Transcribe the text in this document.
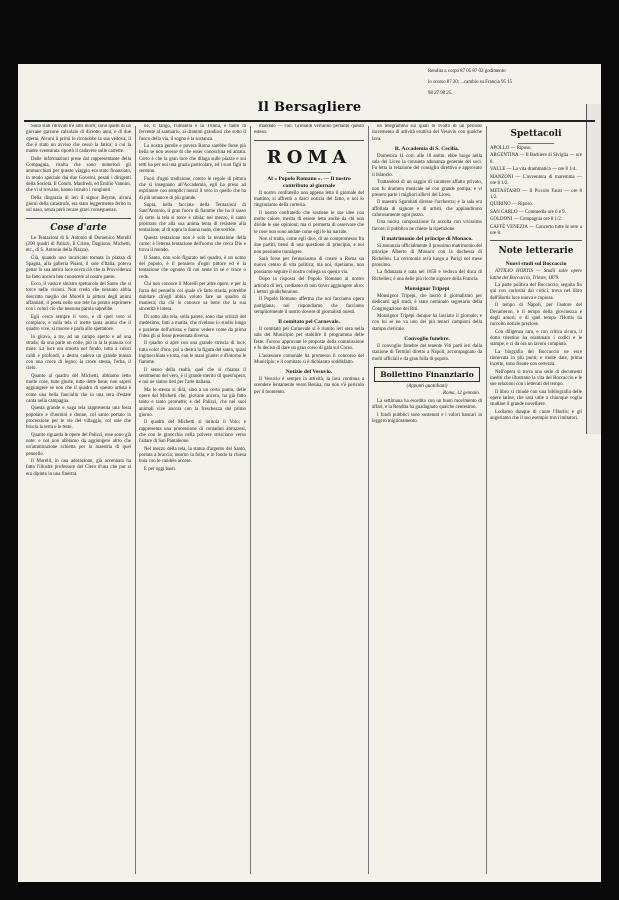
Rendita a corpo 87 05 87 02 godimento

lo scorso 87 20; ...cambio su Francia 95 15

98 27 98 25.

Il Bersagliere

Sono stati ritrovati tre altri morti; sono quelli di un giovane garzone calzolaio di diciotto anni, e di due operai. Alcuni li primi le riconobbe la sua vedova; il che è stato un avviso che cessò la fatica; a cui la madre sventurata riportò il cadavere sulle carrette.

Dalle informazioni prese dal rappresentante della Compagnia, risulta che sono numerosi gli ammucchiati per questo viaggio era stato finanziato, in modo speciale dai due Governi, pesati i dirigenti della Società. Il Comm. Manfredi, ed Emilio Vannini, che vi si trovano, hanno istruito i congiunti.

Della disgrazia di ieri il signor Beyme, alcuni giorni della catastrofe, era stato leggermente ferito in sul naso, senza però recare gravi conseguenze.

Cose d'arte

Le Tentazioni di S. Antonio di Domenico Morelli (290 quadri di Palizzi, Il Cristo, Dagliono, Michetti, etc., di S. Antonio della Piazza).

Già, quando uno incaricato tornata in piazza di Spagna, alla galleria Pisani, il sole d'Italia, poteva gettar lo sua antica luce sovra ciò che la Provvidenza ha fatto ancora ben conoscere al nostro paese.

Ecco, il vasto e sinistro spettacolo del Santo che si torce nelle visioni. Non credo che nessuno abbia descritto meglio del Morelli la pittura degli animi affannati; il poeta nelle sue tele ha potuto esprimere con i colori ciò che nessuna parola saprebbe.

Egli cerca sempre il vero, e di quel vero si compiace, e sulla tela ci mette tanta anima che il quadro vive, si muove e parla allo spettatore.

Io giravo, a tre, ad un campo aperto e ad una strada; da una parte un colle, più in là la pianura col mare. La luce era smorta nel fondo, tutta a colori caldi e profondi, a destra cadeva un grande masso con una croce di legno; la croce stessa, l'erba, il cielo.

Quanto al quadro del Michetti, abbiamo letto molte cose, tutte giuste, tutte dette bene; non saprei aggiungere se non che il quadro di questo artista è come una bella fanciulla che in una sera d'estate canta nella campagna.

Questa grande e vaga tela rappresenta una festa popolare e d'uomini e donne, col santo portato in processione per le vie del villaggio, col sole che brucia la terra e le teste.

Quanto riguarda le opere del Palizzi, esse sono già note: e noi non abbiamo da aggiungere altro che un'ammirazione schietta per la maestria di quel pennello.

Il Morelli, in una adorazione, già accennata ha fatto l'illustre professore del Clero d'una che pur si era dipinto in una finestra.

ne, il fango, l'umanità e la Trinità, e tanto di fervente al santuario, ai drammi grandiosi che sotto il fuoco della via, il sogno è la sostanza.

La nostra gentile e povera Roma sarebbe forse più bella se non avesse di che esser conosciuta ed amata. Certo è che la gran luce che dilaga sulle piazze e sui tetti ha per noi una grazia particolare, ed i suoi figli la sentono.

Fuori d'ogni tradizione, contro le regole di pittura che si insegnano all'Accademia, egli ha preso ad esprimere con semplici mezzi il vero in quello che ha di più umano e di più grande.

Sopra, nella facciata della Tentazioni di Sant'Antonio, il gran fuoco di fiamme che ha il sasso di sotto la tela si torce e sibila; nel mezzo, il santo prostrato che alla sua anima tenta di resistere alla tentazione; al di sopra la donna nuda, che sorride.

Questa tentazione non è solo la tentazione della carne: è l'eterna tentazione dell'uomo che cerca Dio e trova il mondo.

Il Santo, non solo figurato nel quadro, è un uomo del popolo, è il pensiero d'ogni pittore ed è la tentazione che ognuno di noi sente in sé e vince o cede.

Chi non conosce il Morelli per altre opere, e per la forza del pennello col quale s'è fatto strada, potrebbe dubitare ch'egli abbia voluto fare un quadro di maniera; ma chi lo conosce sa bene che la sua sincerità è intera.

Di sotto alla tela, sulla parete, sono due schizzi del medesimo, fatti a matita, che rivelano lo studio lungo e paziente dell'artista; e fanno vedere come da prima l'idea gli si fosse presentata diversa.

Il quadro si apre con una grande striscia di luce, tutta color d'oro; poi a destra la figura del santo, quasi inginocchiata e torta, con le mani giunte: e d'intorno le fiamme.

Il senso della realtà, quel che si chiama il sentimento del vero, è il grande merito di quest'opera; e noi ne siamo lieti per l'arte italiana.

Ma lo stesso si dirà, sino a un certo punto, delle opere del Michetti che, giovane ancora, ha già fatto tanto e tanto promette; e del Palizzi, che nei suoi animali vive ancora con la freschezza del primo giorno.

Il quadro del Michetti si intitola il Voto; e rappresenta una processione di contadini abruzzesi, che con le ginocchia nella polvere strisciano verso l'altare di San Pantaleone.

Nel mezzo della tela, la statua d'argento del Santo, portata a braccia; intorno la folla; e in fondo la chiesa buia con le candele accese.

E per oggi basti.

mandato — l'on. Grimaldi verranno pertanto questo esteso.

ROMA
Al « Popolo Romano ». — Il nostro contributo al giornale

Il nostro confratello non appena letto il giornale del mattino, si affrettò a darci notizia del fatto, e noi lo ringraziamo della cortesia.

Il nostro confratello che sostiene le sue idee con molto calore, merita di essere letto anche da chi non divide le sue opinioni; ma ci permetta di osservare che le cose non sono andate come egli le ha narrate.

Non si tratta, come egli dice, di un compromesso fra due partiti, bensì di una questione di principio, e noi non possiamo transigere.

Sarà forse per l'entusiasmo di creare a Roma un nuovo centro di vita politica; ma noi, ripetiamo, non possiamo seguire il nostro collega su questa via.

Dopo la risposta del Popolo Romano al nostro articolo di ieri, crediamo di non dover aggiungere altro: i lettori giudicheranno.

Il Popolo Romano afferma che noi facciamo opera partigiana; noi rispondiamo che facciamo semplicemente il nostro dovere di giornalisti onesti.

Il comitato pel Carnevale.

Il comitato pel Carnevale si è riunito ieri sera nella sala del Municipio per stabilire il programma delle feste. Furono approvate le proposte della commissione e fu deciso di dare un gran corso di gala sul Corso.

L'assessore comunale ha promesso il concorso del Municipio; e il comitato si è dichiarato soddisfatto.

Notizie del Vesuvio.

Il Vesuvio è sempre in attività; la lava continua a scendere lentamente verso Resina, ma non v'è pericolo per il momento.

un telegramma sui quali lo svolto di un periodo incremento di attività eruttiva del Vesuvio con qualche lava.

R. Accademia di S. Cecilia.

Domenica 11 corr. alle 10 antim. ebbe luogo nella sala del Liceo la consueta adunanza generale dei soci. Fu letta la relazione del consiglio direttivo e approvato il bilancio.

Trattandosi di un saggio di carattere affatto privato, non fu dramma musicale né con grande pompa; e vi presero parte i migliori allievi del Liceo.

Il maestro Sgambati diresse l'orchestra; e la sala era affollata di signore e di artisti, che applaudirono calorosamente ogni pezzo.

Una nuova composizione fu accolta con vivissimo favore; il pubblico ne chiese la ripetizione.

Il matrimonio del principe di Monaco.

Si annunzia ufficialmente il prossimo matrimonio del principe Alberto di Monaco con la duchessa di Richelieu. La cerimonia avrà luogo a Parigi nel mese prossimo.

La fidanzata è nata nel 1858 e vedova del duca di Richelieu; è una delle più ricche signore della Francia.

Monsignor Tripepi

Monsignor Tripepi, che lasciò il giornalismo per dedicarsi agli studi, è stato nominato segretario della Congregazione dei Riti.

Monsignor Tripepi dunque ha lasciato il giornale; e con lui se ne va uno dei più tenaci campioni della stampa clericale.

Convoglio funebre.

Il convoglio funebre del tenente Viti partì ieri dalla stazione di Termini diretto a Napoli, accompagnato da molti ufficiali e da gran folla di popolo.

Bollettino Finanziario
(Appunti quotidiani)
Roma, 12 gennaio.

La settimana ha esordito con un buon movimento di affari, e la Rendita ha guadagnato qualche centesimo.

I fondi pubblici sono sostenuti e i valori bancari in leggero miglioramento.

Spettacoli

APOLLO — Riposo.

ARGENTINA — Il Barbiere di Siviglia — ore 8.

VALLE — La vita drammatica — ore 8 1/4.

MANZONI — L'avventura di maremma — ore 8 1/2.

METASTASIO — Il Piccolo Faust — ore 8 1/2.

QUIRINO — Riposo.

SAN CARLO — Commedia ore 6 e 9.

GOLDONI — Compagnia ore 8 1/2.

CAFFÈ VENEZIA — Concerto tutte le sere a ore 8.

Note letterarie
Nuovi studi sul Boccaccio

ATTILIO HORTIS — Studii sulle opere latine del Boccaccio, Trieste, 1879.

La parte politica del Boccaccio, seguita fin qui con curiosità dai critici, trova nel libro dell'Hortis luce nuova e copiosa.

Il tempo di Napoli, per l'autore del Decameron, è il tempo della giovinezza e degli amori; e di quel tempo l'Hortis ha raccolto notizie preziose.

Con diligenza rara, e con critica sicura, il dotto triestino ha esaminato i codici e le stampe, e ci dà ora un lavoro compiuto.

La biografia del Boccaccio ne esce rinnovata in più punti; e molte date, prima incerte, sono fissate con certezza.

Nell'opera si trova una serie di documenti inediti che illustrano la vita del Boccaccio e le sue relazioni con i letterati del tempo.

Il libro si chiude con una bibliografia delle opere latine, che sarà utile a chiunque voglia studiare il grande novelliere.

Lodiamo dunque di cuore l'Hortis; e gli auguriamo che il suo esempio trovi imitatori.
